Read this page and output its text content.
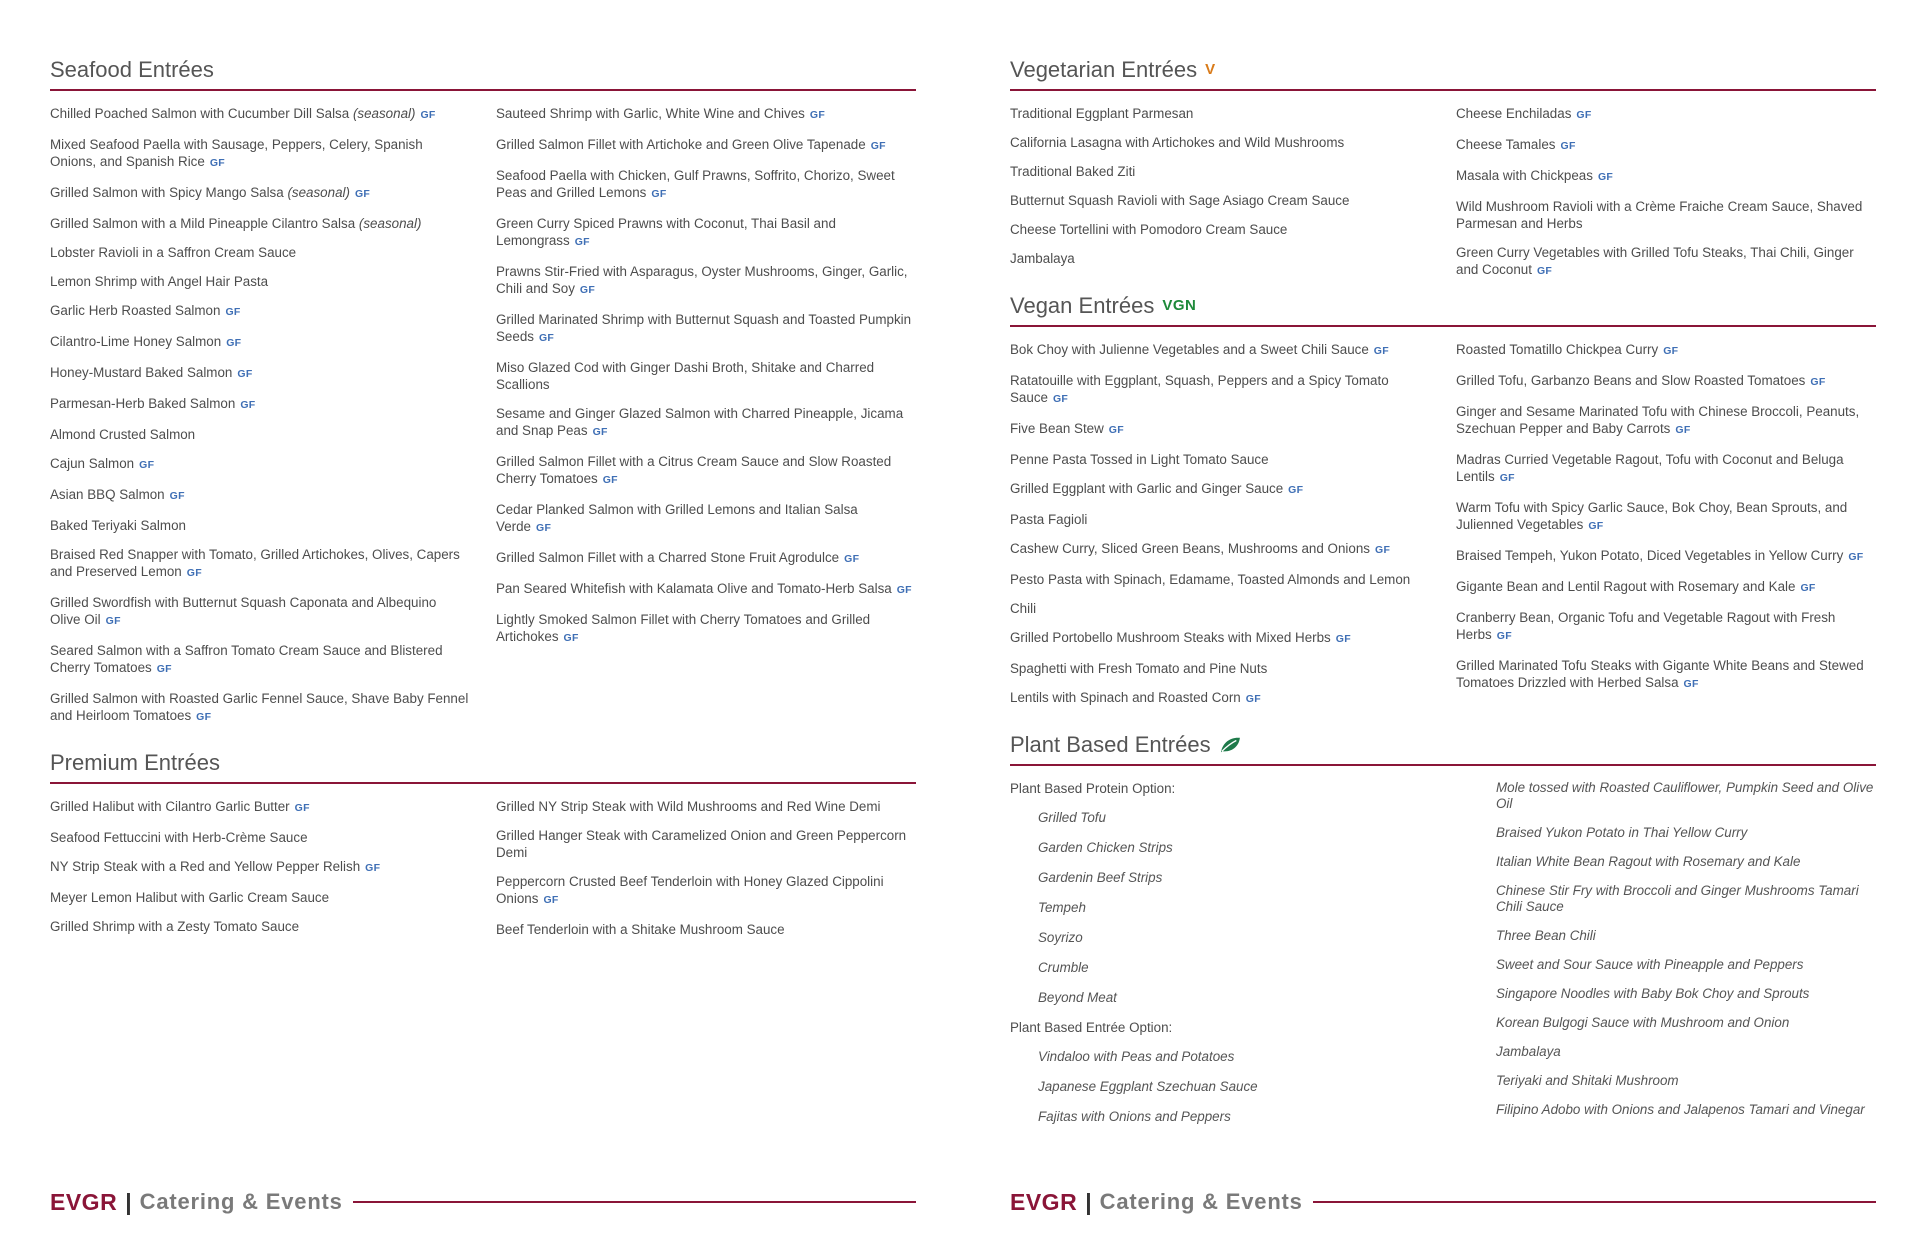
Seafood Entrées
Chilled Poached Salmon with Cucumber Dill Salsa (seasonal) GF
Mixed Seafood Paella with Sausage, Peppers, Celery, Spanish Onions, and Spanish Rice GF
Grilled Salmon with Spicy Mango Salsa (seasonal) GF
Grilled Salmon with a Mild Pineapple Cilantro Salsa (seasonal)
Lobster Ravioli in a Saffron Cream Sauce
Lemon Shrimp with Angel Hair Pasta
Garlic Herb Roasted Salmon GF
Cilantro-Lime Honey Salmon GF
Honey-Mustard Baked Salmon GF
Parmesan-Herb Baked Salmon GF
Almond Crusted Salmon
Cajun Salmon GF
Asian BBQ Salmon GF
Baked Teriyaki Salmon
Braised Red Snapper with Tomato, Grilled Artichokes, Olives, Capers and Preserved Lemon GF
Grilled Swordfish with Butternut Squash Caponata and Albequino Olive Oil GF
Seared Salmon with a Saffron Tomato Cream Sauce and Blistered Cherry Tomatoes GF
Grilled Salmon with Roasted Garlic Fennel Sauce, Shave Baby Fennel and Heirloom Tomatoes GF
Sauteed Shrimp with Garlic, White Wine and Chives GF
Grilled Salmon Fillet with Artichoke and Green Olive Tapenade GF
Seafood Paella with Chicken, Gulf Prawns, Soffrito, Chorizo, Sweet Peas and Grilled Lemons GF
Green Curry Spiced Prawns with Coconut, Thai Basil and Lemongrass GF
Prawns Stir-Fried with Asparagus, Oyster Mushrooms, Ginger, Garlic, Chili and Soy GF
Grilled Marinated Shrimp with Butternut Squash and Toasted Pumpkin Seeds GF
Miso Glazed Cod with Ginger Dashi Broth, Shitake and Charred Scallions
Sesame and Ginger Glazed Salmon with Charred Pineapple, Jicama and Snap Peas GF
Grilled Salmon Fillet with a Citrus Cream Sauce and Slow Roasted Cherry Tomatoes GF
Cedar Planked Salmon with Grilled Lemons and Italian Salsa Verde GF
Grilled Salmon Fillet with a Charred Stone Fruit Agrodulce GF
Pan Seared Whitefish with Kalamata Olive and Tomato-Herb Salsa GF
Lightly Smoked Salmon Fillet with Cherry Tomatoes and Grilled Artichokes GF
Premium Entrées
Grilled Halibut with Cilantro Garlic Butter GF
Seafood Fettuccini with Herb-Crème Sauce
NY Strip Steak with a Red and Yellow Pepper Relish GF
Meyer Lemon Halibut with Garlic Cream Sauce
Grilled Shrimp with a Zesty Tomato Sauce
Grilled NY Strip Steak with Wild Mushrooms and Red Wine Demi
Grilled Hanger Steak with Caramelized Onion and Green Peppercorn Demi
Peppercorn Crusted Beef Tenderloin with Honey Glazed Cippolini Onions GF
Beef Tenderloin with a Shitake Mushroom Sauce
EVGR | Catering & Events
Vegetarian Entrées V
Traditional Eggplant Parmesan
California Lasagna with Artichokes and Wild Mushrooms
Traditional Baked Ziti
Butternut Squash Ravioli with Sage Asiago Cream Sauce
Cheese Tortellini with Pomodoro Cream Sauce
Jambalaya
Cheese Enchiladas GF
Cheese Tamales GF
Masala with Chickpeas GF
Wild Mushroom Ravioli with a Crème Fraiche Cream Sauce, Shaved Parmesan and Herbs
Green Curry Vegetables with Grilled Tofu Steaks, Thai Chili, Ginger and Coconut GF
Vegan Entrées VGN
Bok Choy with Julienne Vegetables and a Sweet Chili Sauce GF
Ratatouille with Eggplant, Squash, Peppers and a Spicy Tomato Sauce GF
Five Bean Stew GF
Penne Pasta Tossed in Light Tomato Sauce
Grilled Eggplant with Garlic and Ginger Sauce GF
Pasta Fagioli
Cashew Curry, Sliced Green Beans, Mushrooms and Onions GF
Pesto Pasta with Spinach, Edamame, Toasted Almonds and Lemon
Chili
Grilled Portobello Mushroom Steaks with Mixed Herbs GF
Spaghetti with Fresh Tomato and Pine Nuts
Lentils with Spinach and Roasted Corn GF
Roasted Tomatillo Chickpea Curry GF
Grilled Tofu, Garbanzo Beans and Slow Roasted Tomatoes GF
Ginger and Sesame Marinated Tofu with Chinese Broccoli, Peanuts, Szechuan Pepper and Baby Carrots GF
Madras Curried Vegetable Ragout, Tofu with Coconut and Beluga Lentils GF
Warm Tofu with Spicy Garlic Sauce, Bok Choy, Bean Sprouts, and Julienned Vegetables GF
Braised Tempeh, Yukon Potato, Diced Vegetables in Yellow Curry GF
Gigante Bean and Lentil Ragout with Rosemary and Kale GF
Cranberry Bean, Organic Tofu and Vegetable Ragout with Fresh Herbs GF
Grilled Marinated Tofu Steaks with Gigante White Beans and Stewed Tomatoes Drizzled with Herbed Salsa GF
Plant Based Entrées
Plant Based Protein Option:
Grilled Tofu
Garden Chicken Strips
Gardenin Beef Strips
Tempeh
Soyrizo
Crumble
Beyond Meat
Plant Based Entrée Option:
Vindaloo with Peas and Potatoes
Japanese Eggplant Szechuan Sauce
Fajitas with Onions and Peppers
Mole tossed with Roasted Cauliflower, Pumpkin Seed and Olive Oil
Braised Yukon Potato in Thai Yellow Curry
Italian White Bean Ragout with Rosemary and Kale
Chinese Stir Fry with Broccoli and Ginger Mushrooms Tamari Chili Sauce
Three Bean Chili
Sweet and Sour Sauce with Pineapple and Peppers
Singapore Noodles with Baby Bok Choy and Sprouts
Korean Bulgogi Sauce with Mushroom and Onion
Jambalaya
Teriyaki and Shitaki Mushroom
Filipino Adobo with Onions and Jalapenos Tamari and Vinegar
EVGR | Catering & Events
